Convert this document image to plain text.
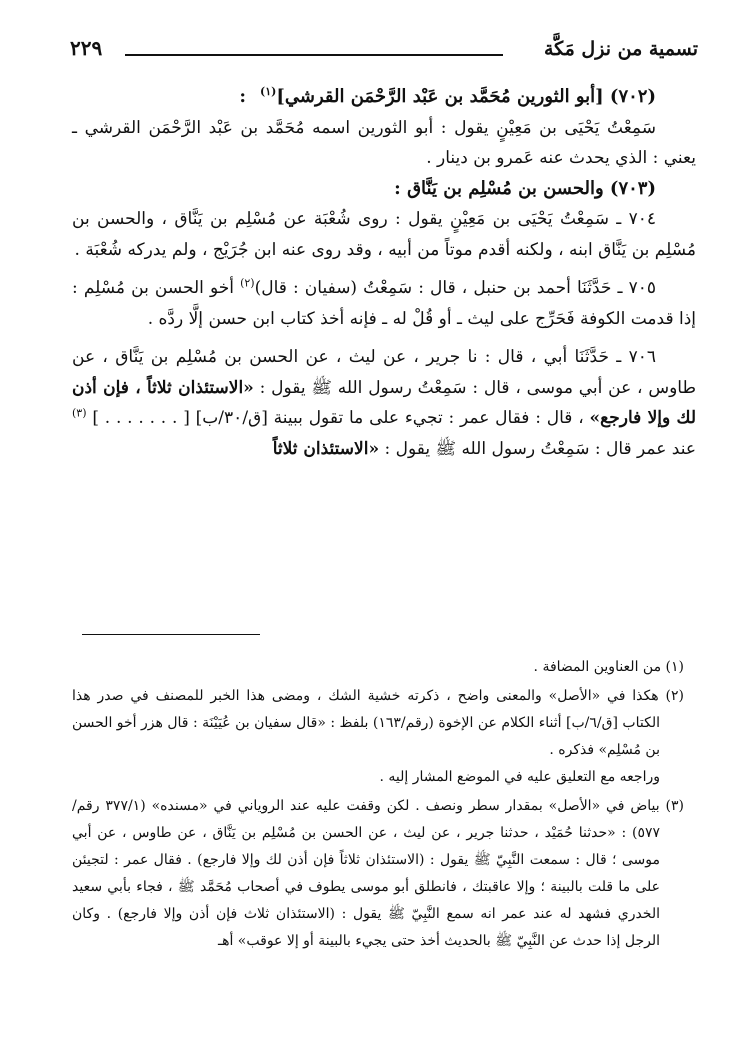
تسمية من نزل مَكَّة
٢٢٩

(٧٠٢) [أبو الثورين مُحَمَّد بن عَبْد الرَّحْمَن القرشي]$^{(١)}$:

سَمِعْتُ يَحْيَى بن مَعِيْنٍ يقول : أبو الثورين اسمه مُحَمَّد بن عَبْد الرَّحْمَن القرشي ـ يعني : الذي يحدث عنه عَمرو بن دينار .

(٧٠٣) والحسن بن مُسْلِم بن يَنَّاق :

٧٠٤ ـ سَمِعْتُ يَحْيَى بن مَعِيْنٍ يقول : روى شُعْبَة عن مُسْلِم بن يَنَّاق ، والحسن بن مُسْلِم بن يَنَّاق ابنه ، ولكنه أقدم موتاً من أبيه ، وقد روى عنه ابن جُرَيْج ، ولم يدركه شُعْبَة .

٧٠٥ ـ حَدَّثَنَا أحمد بن حنبل ، قال : سَمِعْتُ (سفيان : قال)$^{(٢)}$ أخو الحسن بن مُسْلِم : إذا قدمت الكوفة فَحَرِّج على ليث ـ أو قُلْ له ـ فإنه أخذ كتاب ابن حسن إلَّا ردَّه .

٧٠٦ ـ حَدَّثَنَا أبي ، قال : نا جرير ، عن ليث ، عن الحسن بن مُسْلِم بن يَنَّاق ، عن طاوس ، عن أبي موسى ، قال : سَمِعْتُ رسول الله ﷺ يقول : «الاستئذان ثلاثاً ، فإن أذن لك وإلا فارجع» ، قال : فقال عمر : تجيء على ما تقول ببينة [ق/٣٠/ب] [ . . . . . . . ] $^{(٣)}$ عند عمر قال : سَمِعْتُ رسول الله ﷺ يقول : «الاستئذان ثلاثاً

(١) من العناوين المضافة .

(٢) هكذا في «الأصل» والمعنى واضح ، ذكرته خشية الشك ، ومضى هذا الخبر للمصنف في صدر هذا الكتاب [ق/٦/ب] أثناء الكلام عن الإخوة (رقم/١٦٣) بلفظ : «قال سفيان بن عُيَيْنَة : قال هزر أخو الحسن بن مُسْلِم» فذكره .

وراجعه مع التعليق عليه في الموضع المشار إليه .

(٣) بياض في «الأصل» بمقدار سطر ونصف . لكن وقفت عليه عند الروياني في «مسنده» (٣٧٧/١ رقم/٥٧٧) : «حدثنا حُمَيْد ، حدثنا جرير ، عن ليث ، عن الحسن بن مُسْلِم بن يَنَّاق ، عن طاوس ، عن أبي موسى ؛ قال : سمعت النَّبِيّ ﷺ يقول : (الاستئذان ثلاثاً فإن أذن لك وإلا فارجع) . فقال عمر : لتجيئن على ما قلت بالبينة ؛ وإلا عاقبتك ، فانطلق أبو موسى يطوف في أصحاب مُحَمَّد ﷺ ، فجاء بأبي سعيد الخدري فشهد له عند عمر انه سمع النَّبِيّ ﷺ يقول : (الاستئذان ثلاث فإن أذن وإلا فارجع) . وكان الرجل إذا حدث عن النَّبِيّ ﷺ بالحديث أخذ حتى يجيء بالبينة أو إلا عوقب» أهـ
